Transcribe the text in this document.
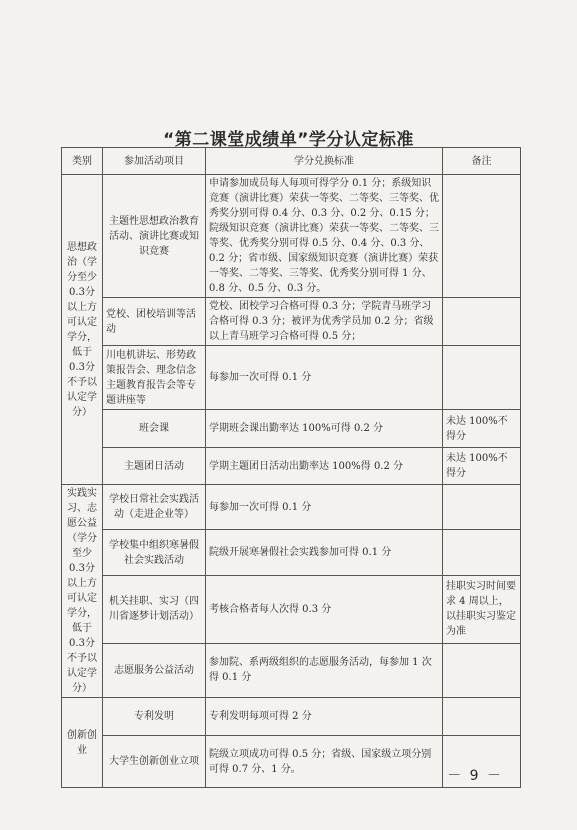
“第二课堂成绩单”学分认定标准
类别	参加活动项目	学分兑换标准	备注
思想政治（学分至少0.3分以上方可认定学分，低于0.3分不予以认定学分）	主题性思想政治教育活动、演讲比赛或知识竞赛	申请参加成员每人每项可得学分 0.1 分；系级知识竞赛（演讲比赛）荣获一等奖、二等奖、三等奖、优秀奖分别可得 0.4 分、0.3 分、0.2 分、0.15 分；院级知识竞赛（演讲比赛）荣获一等奖、二等奖、三等奖、优秀奖分别可得 0.5 分、0.4 分、0.3 分、0.2 分；省市级、国家级知识竞赛（演讲比赛）荣获一等奖、二等奖、三等奖、优秀奖分别可得 1 分、0.8 分、0.5 分、0.3 分。	
	党校、团校培训等活动	党校、团校学习合格可得 0.3 分；学院青马班学习合格可得 0.3 分；被评为优秀学员加 0.2 分；省级以上青马班学习合格可得 0.5 分；	
	川电机讲坛、形势政策报告会、理念信念主题教育报告会等专题讲座等	每参加一次可得 0.1 分	
	班会课	学期班会课出勤率达 100%可得 0.2 分	未达 100%不得分
	主题团日活动	学期主题团日活动出勤率达 100%得 0.2 分	未达 100%不得分
实践实习、志愿公益（学分至少0.3分以上方可认定学分，低于0.3分不予以认定学分）	学校日常社会实践活动（走进企业等）	每参加一次可得 0.1 分	
	学校集中组织寒暑假社会实践活动	院级开展寒暑假社会实践参加可得 0.1 分	
	机关挂职、实习（四川省逐梦计划活动）	考核合格者每人次得 0.3 分	挂职实习时间要求 4 周以上，以挂职实习鉴定为准
	志愿服务公益活动	参加院、系两级组织的志愿服务活动，每参加 1 次得 0.1 分	
创新创业	专利发明	专利发明每项可得 2 分	
	大学生创新创业立项	院级立项成功可得 0.5 分；省级、国家级立项分别可得 0.7 分、1 分。		－ 9 －
